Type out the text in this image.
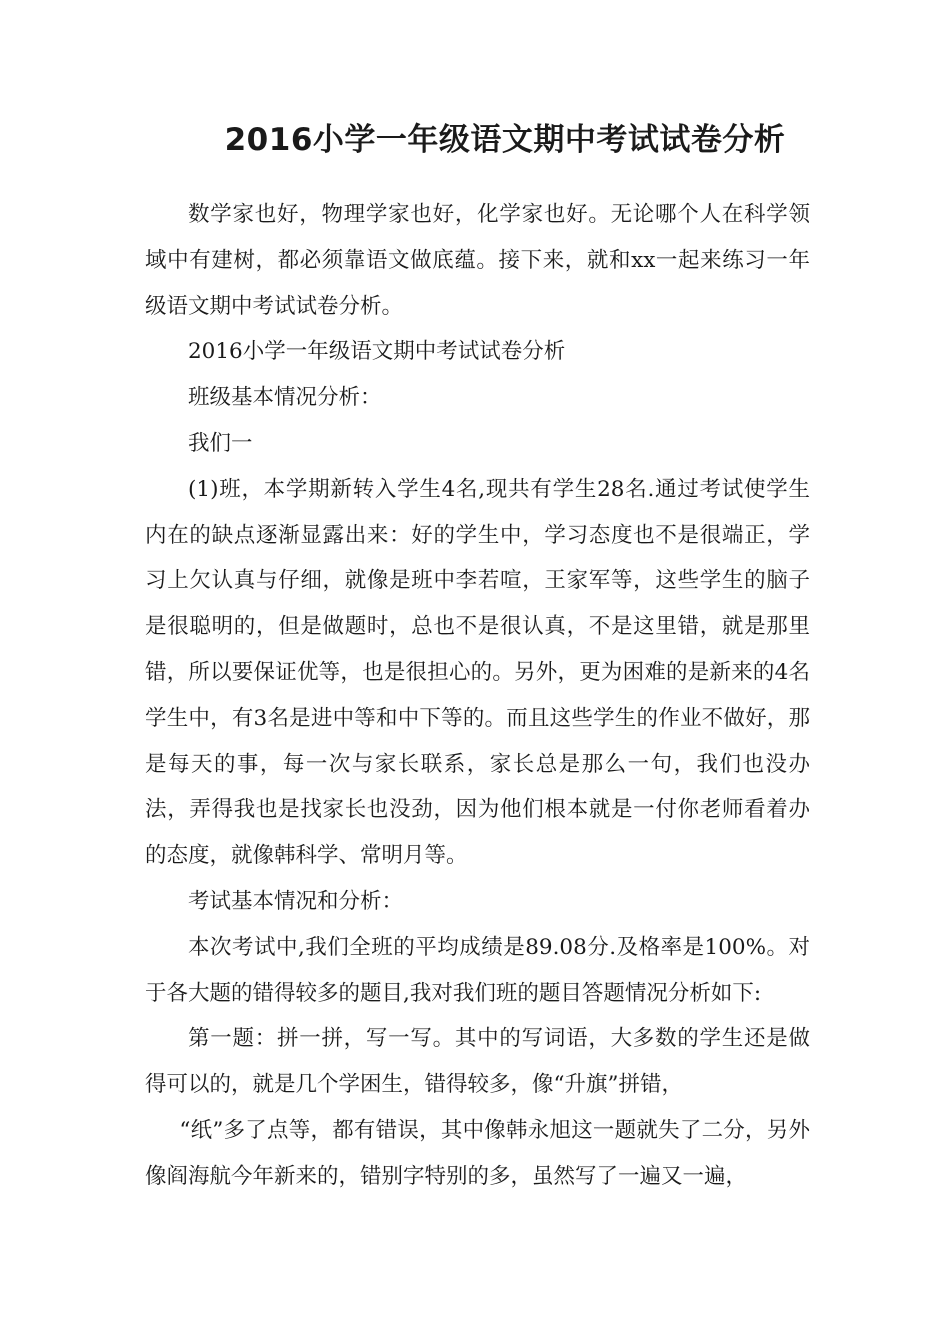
2016小学一年级语文期中考试试卷分析

数学家也好，物理学家也好，化学家也好。无论哪个人在科学领域中有建树，都必须靠语文做底蕴。接下来，就和xx一起来练习一年级语文期中考试试卷分析。

2016小学一年级语文期中考试试卷分析

班级基本情况分析：

我们一

(1)班，本学期新转入学生4名,现共有学生28名.通过考试使学生内在的缺点逐渐显露出来：好的学生中，学习态度也不是很端正，学习上欠认真与仔细，就像是班中李若喧，王家军等，这些学生的脑子是很聪明的，但是做题时，总也不是很认真，不是这里错，就是那里错，所以要保证优等，也是很担心的。另外，更为困难的是新来的4名学生中，有3名是进中等和中下等的。而且这些学生的作业不做好，那是每天的事，每一次与家长联系，家长总是那么一句，我们也没办法，弄得我也是找家长也没劲，因为他们根本就是一付你老师看着办的态度，就像韩科学、常明月等。

考试基本情况和分析：

本次考试中,我们全班的平均成绩是89.08分.及格率是100%。对于各大题的错得较多的题目,我对我们班的题目答题情况分析如下:

第一题：拼一拼，写一写。其中的写词语，大多数的学生还是做得可以的，就是几个学困生，错得较多，像“升旗”拼错，

“纸”多了点等，都有错误，其中像韩永旭这一题就失了二分，另外像阎海航今年新来的，错别字特别的多，虽然写了一遍又一遍，
